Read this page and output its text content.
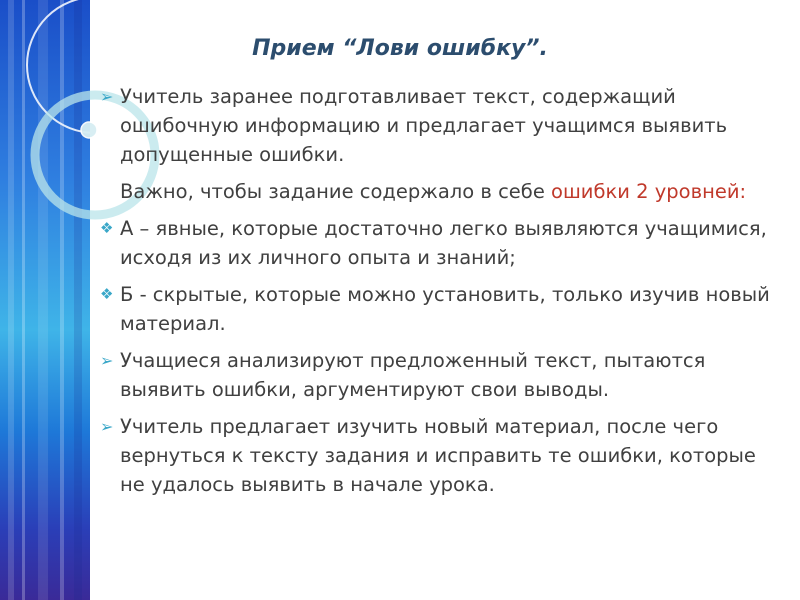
Прием “Лови ошибку”.

➢ Учитель заранее подготавливает текст, содержащий ошибочную информацию и предлагает учащимся выявить допущенные ошибки.

Важно, чтобы задание содержало в себе ошибки 2 уровней:

❖ А – явные, которые достаточно легко выявляются учащимися, исходя из их личного опыта и знаний;

❖ Б - скрытые, которые можно установить, только изучив новый материал.

➢ Учащиеся анализируют предложенный текст, пытаются выявить ошибки, аргументируют свои выводы.

➢ Учитель предлагает изучить новый материал, после чего вернуться к тексту задания и исправить те ошибки, которые не удалось выявить в начале урока.
